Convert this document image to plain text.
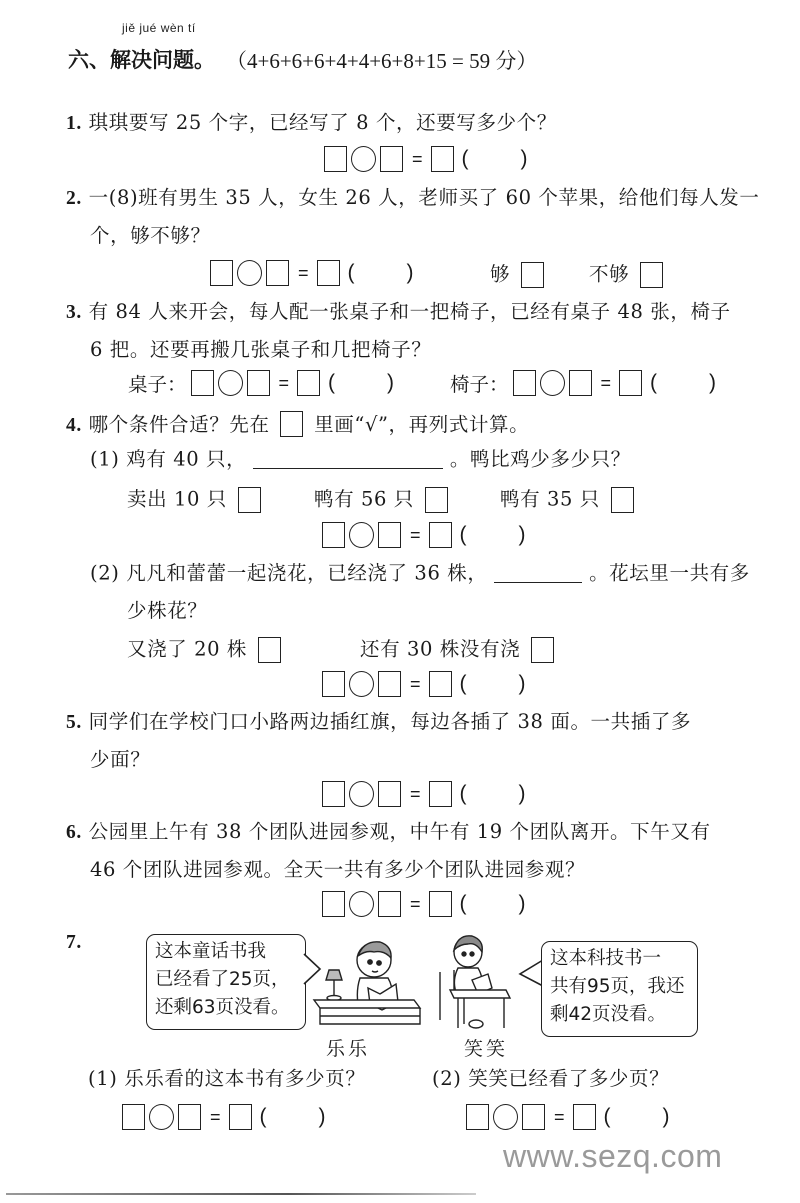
jiě jué wèn tí
六、解决问题。 （4+6+6+6+4+4+6+8+15 = 59 分）
1. 琪琪要写 25 个字，已经写了 8 个，还要写多少个？
= ( )
2. 一(8)班有男生 35 人，女生 26 人，老师买了 60 个苹果，给他们每人发一
个，够不够？
= ( )	够	不够
3. 有 84 人来开会，每人配一张桌子和一把椅子，已经有桌子 48 张，椅子
6 把。还要再搬几张桌子和几把椅子？
桌子：	= ( )	椅子：	= ( )
4. 哪个条件合适？先在 里画“√”，再列式计算。
(1) 鸡有 40 只，	。鸭比鸡少多少只？
卖出 10 只	鸭有 56 只	鸭有 35 只
= ( )
(2) 凡凡和蕾蕾一起浇花，已经浇了 36 株，	。花坛里一共有多
少株花？
又浇了 20 株	还有 30 株没有浇
= ( )
5. 同学们在学校门口小路两边插红旗，每边各插了 38 面。一共插了多
少面？
= ( )
6. 公园里上午有 38 个团队进园参观，中午有 19 个团队离开。下午又有
46 个团队进园参观。全天一共有多少个团队进园参观？
= ( )
7.	这本童话书我
已经看了25页，
还剩63页没看。
乐乐	笑笑
这本科技书一
共有95页，我还
剩42页没看。
(1) 乐乐看的这本书有多少页？	(2) 笑笑已经看了多少页？
= ( )	= ( )
www.sezq.com
